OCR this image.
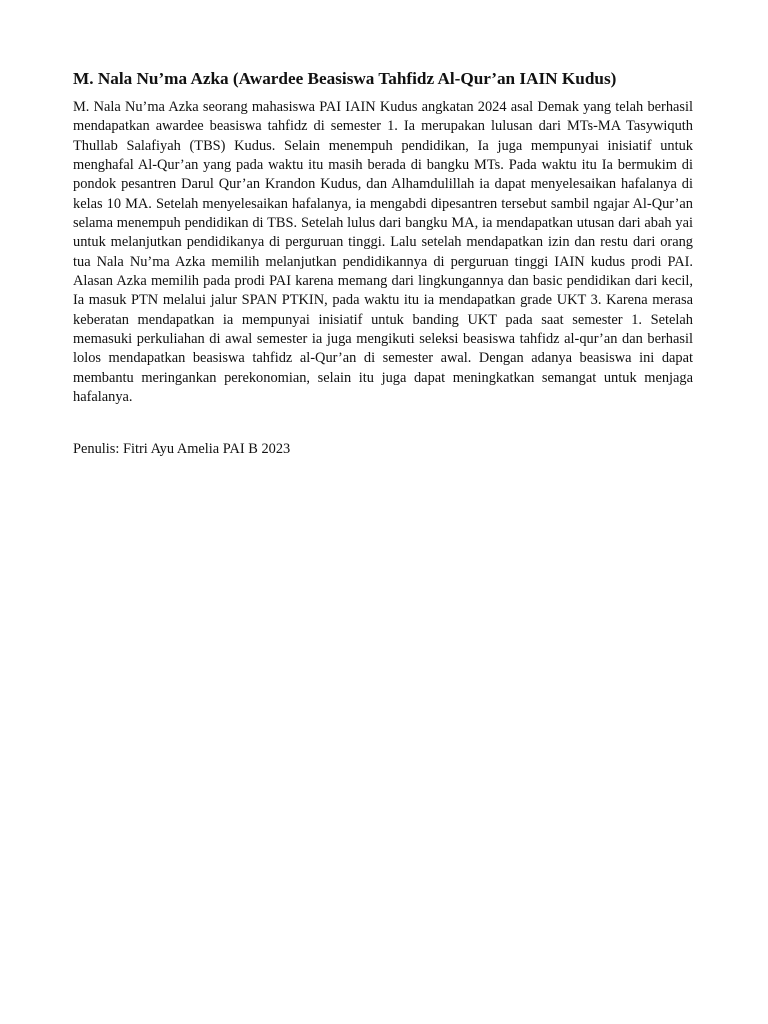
M. Nala Nu’ma Azka (Awardee Beasiswa Tahfidz Al-Qur’an IAIN Kudus)

M. Nala Nu’ma Azka seorang mahasiswa PAI IAIN Kudus angkatan 2024 asal Demak yang telah berhasil mendapatkan awardee beasiswa tahfidz di semester 1. Ia merupakan lulusan dari MTs-MA Tasywiquth Thullab Salafiyah (TBS) Kudus. Selain menempuh pendidikan, Ia juga mempunyai inisiatif untuk menghafal Al-Qur’an yang pada waktu itu masih berada di bangku MTs. Pada waktu itu Ia bermukim di pondok pesantren Darul Qur’an Krandon Kudus, dan Alhamdulillah ia dapat menyelesaikan hafalanya di kelas 10 MA. Setelah menyelesaikan hafalanya, ia mengabdi dipesantren tersebut sambil ngajar Al-Qur’an selama menempuh pendidikan di TBS. Setelah lulus dari bangku MA, ia mendapatkan utusan dari abah yai untuk melanjutkan pendidikanya di perguruan tinggi. Lalu setelah mendapatkan izin dan restu dari orang tua Nala Nu’ma Azka memilih melanjutkan pendidikannya di perguruan tinggi IAIN kudus prodi PAI. Alasan Azka memilih pada prodi PAI karena memang dari lingkungannya dan basic pendidikan dari kecil, Ia masuk PTN melalui jalur SPAN PTKIN, pada waktu itu ia mendapatkan grade UKT 3. Karena merasa keberatan mendapatkan ia mempunyai inisiatif untuk banding UKT pada saat semester 1. Setelah memasuki perkuliahan di awal semester ia juga mengikuti seleksi beasiswa tahfidz al-qur’an dan berhasil lolos mendapatkan beasiswa tahfidz al-Qur’an di semester awal. Dengan adanya beasiswa ini dapat membantu meringankan perekonomian, selain itu juga dapat meningkatkan semangat untuk menjaga hafalanya.

Penulis: Fitri Ayu Amelia PAI B 2023
